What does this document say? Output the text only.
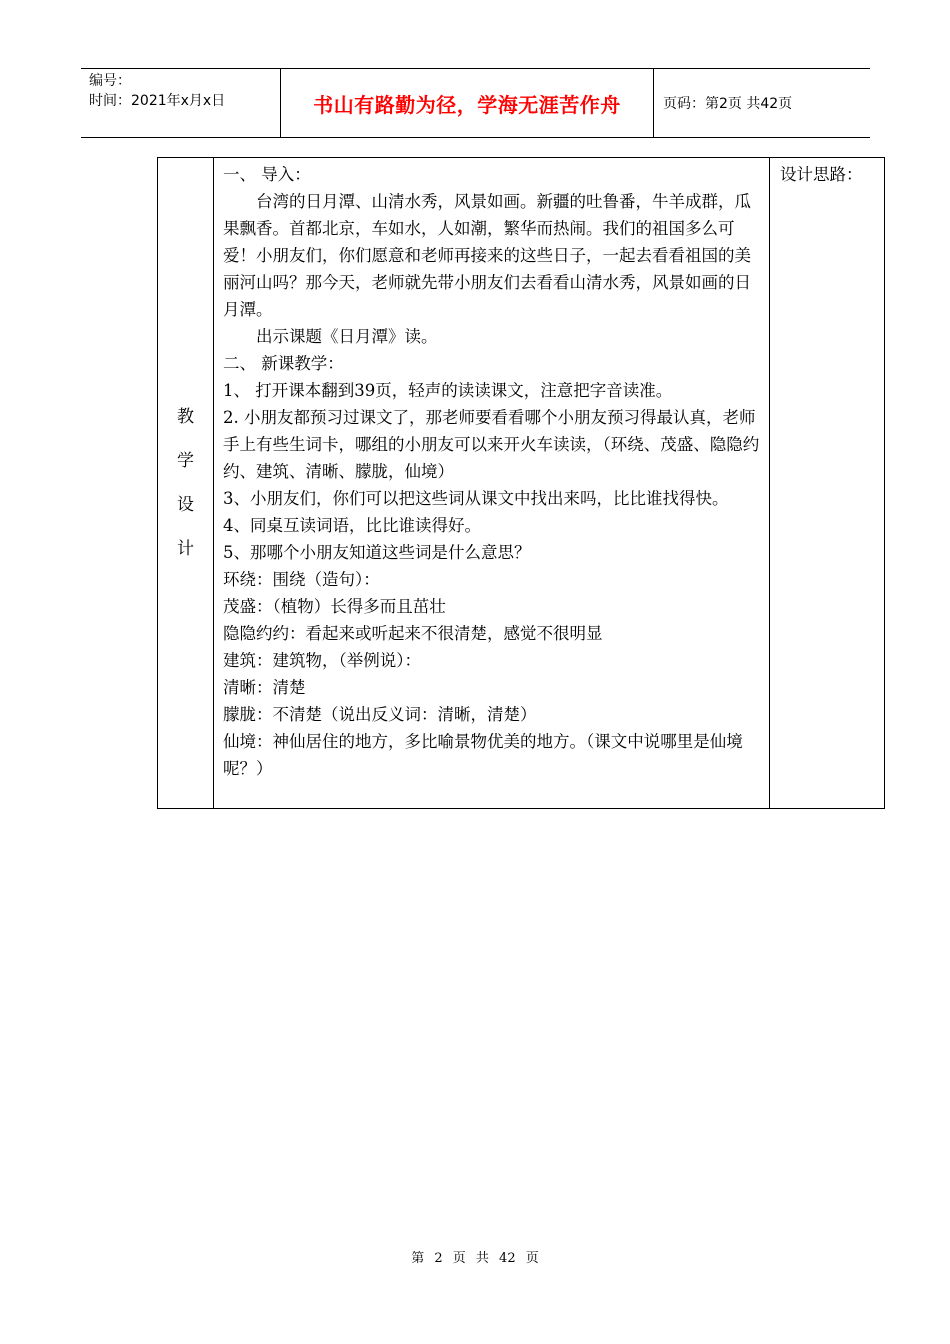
编号：
时间：2021年x月x日	书山有路勤为径，学海无涯苦作舟	页码：第2页 共42页
教
学
设
计

一、 导入：

台湾的日月潭、山清水秀，风景如画。新疆的吐鲁番，牛羊成群，瓜果飘香。首都北京，车如水，人如潮，繁华而热闹。我们的祖国多么可爱！小朋友们，你们愿意和老师再接来的这些日子，一起去看看祖国的美丽河山吗？那今天，老师就先带小朋友们去看看山清水秀，风景如画的日月潭。

出示课题《日月潭》读。

二、 新课教学：

1、 打开课本翻到39页，轻声的读读课文，注意把字音读准。

2. 小朋友都预习过课文了，那老师要看看哪个小朋友预习得最认真，老师手上有些生词卡，哪组的小朋友可以来开火车读读，（环绕、茂盛、隐隐约约、建筑、清晰、朦胧，仙境）

3、小朋友们，你们可以把这些词从课文中找出来吗，比比谁找得快。

4、同桌互读词语，比比谁读得好。

5、那哪个小朋友知道这些词是什么意思？

环绕：围绕（造句）：

茂盛：（植物）长得多而且茁壮

隐隐约约：看起来或听起来不很清楚，感觉不很明显

建筑：建筑物，（举例说）：

清晰：清楚

朦胧：不清楚（说出反义词：清晰，清楚）

仙境：神仙居住的地方，多比喻景物优美的地方。（课文中说哪里是仙境呢？）

设计思路：
第 2 页 共 42 页
